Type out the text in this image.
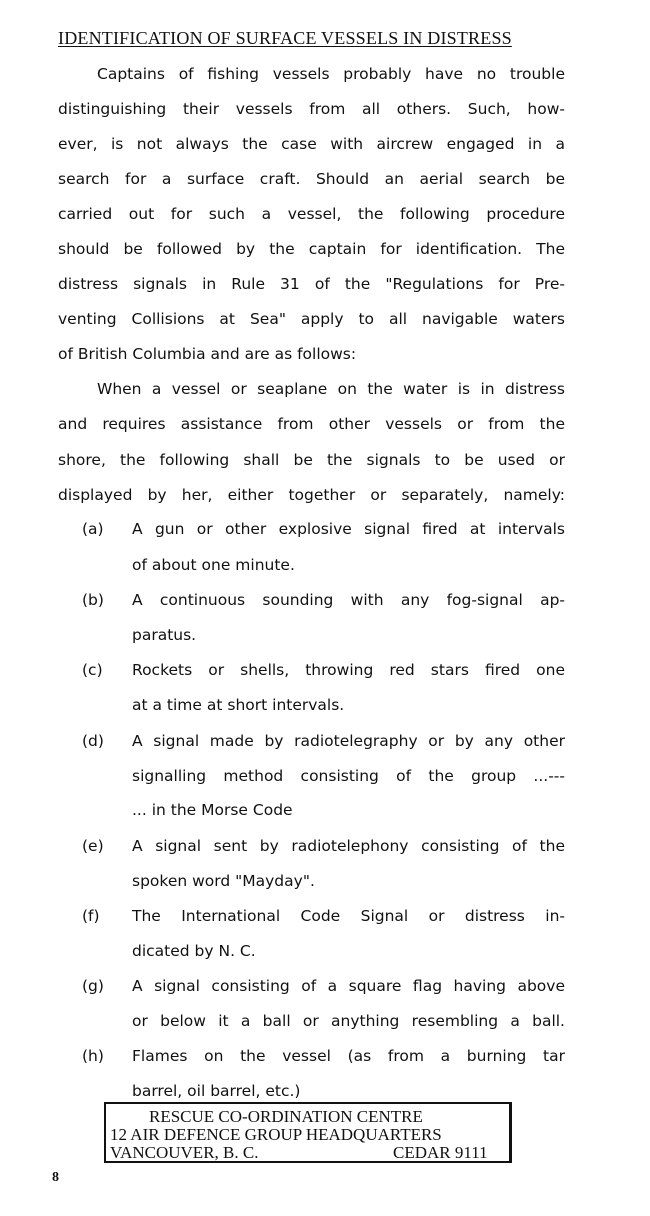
IDENTIFICATION OF SURFACE VESSELS IN DISTRESS
Captains of fishing vessels probably have no trouble
distinguishing their vessels from all others. Such, how-
ever, is not always the case with aircrew engaged in a
search for a surface craft. Should an aerial search be
carried out for such a vessel, the following procedure
should be followed by the captain for identification. The
distress signals in Rule 31 of the "Regulations for Pre-
venting Collisions at Sea" apply to all navigable waters
of British Columbia and are as follows:
When a vessel or seaplane on the water is in distress
and requires assistance from other vessels or from the
shore, the following shall be the signals to be used or
displayed by her, either together or separately, namely:
(a)	A gun or other explosive signal fired at intervals
of about one minute.
(b)	A continuous sounding with any fog-signal ap-
paratus.
(c)	Rockets or shells, throwing red stars fired one
at a time at short intervals.
(d)	A signal made by radiotelegraphy or by any other
signalling method consisting of the group ...---
... in the Morse Code
(e)	A signal sent by radiotelephony consisting of the
spoken word "Mayday".
(f)	The International Code Signal or distress in-
dicated by N. C.
(g)	A signal consisting of a square flag having above
or below it a ball or anything resembling a ball.
(h)	Flames on the vessel (as from a burning tar
barrel, oil barrel, etc.)
RESCUE CO-ORDINATION CENTRE
12 AIR DEFENCE GROUP HEADQUARTERS
VANCOUVER, B. C.	CEDAR 9111
8
